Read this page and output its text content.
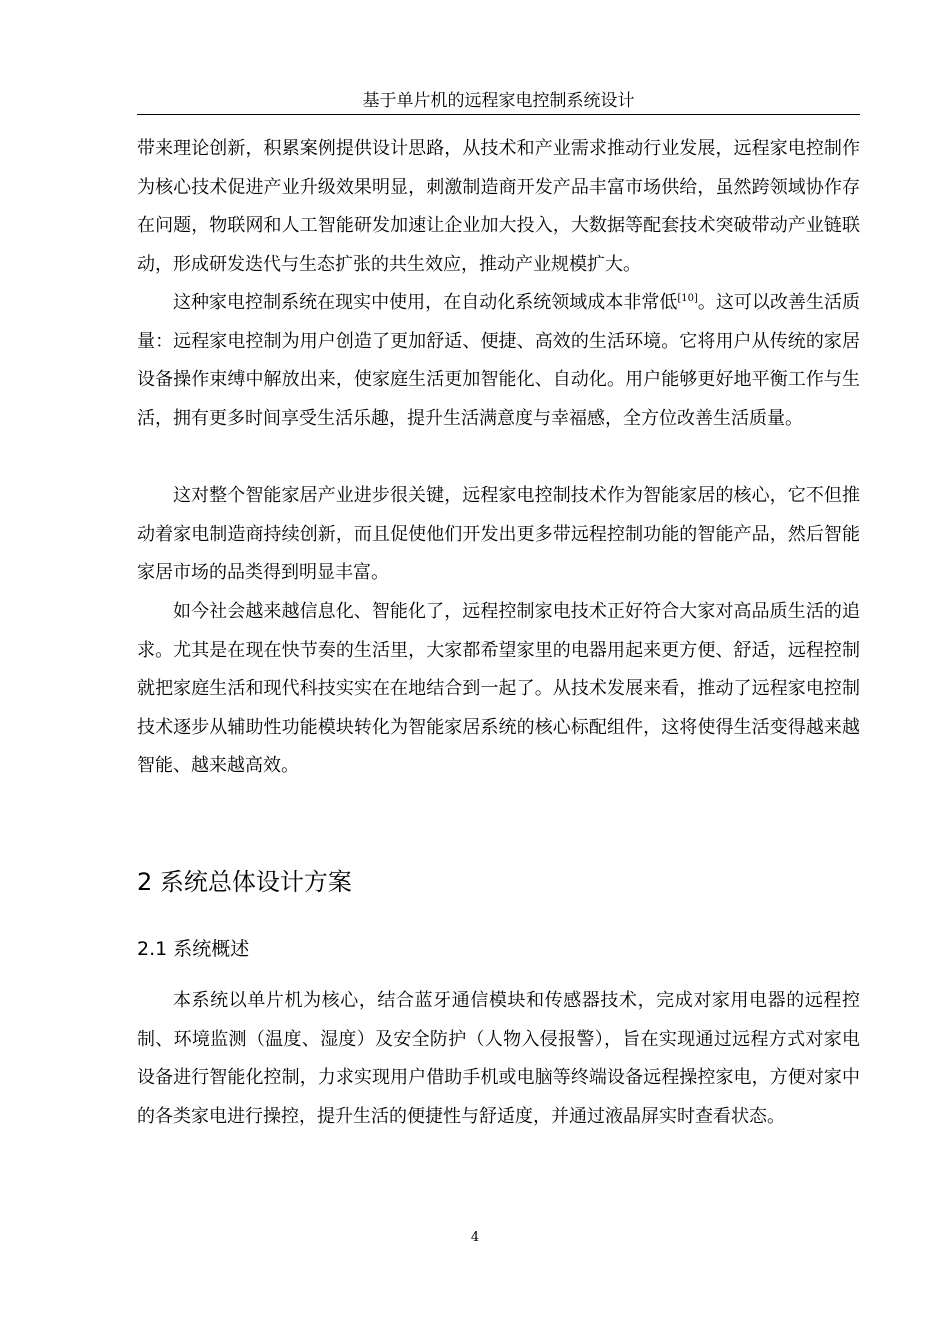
基于单片机的远程家电控制系统设计

带来理论创新，积累案例提供设计思路，从技术和产业需求推动行业发展，远程家电控制作为核心技术促进产业升级效果明显，刺激制造商开发产品丰富市场供给，虽然跨领域协作存在问题，物联网和人工智能研发加速让企业加大投入，大数据等配套技术突破带动产业链联动，形成研发迭代与生态扩张的共生效应，推动产业规模扩大。

这种家电控制系统在现实中使用，在自动化系统领域成本非常低[10]。这可以改善生活质量：远程家电控制为用户创造了更加舒适、便捷、高效的生活环境。它将用户从传统的家居设备操作束缚中解放出来，使家庭生活更加智能化、自动化。用户能够更好地平衡工作与生活，拥有更多时间享受生活乐趣，提升生活满意度与幸福感，全方位改善生活质量。

这对整个智能家居产业进步很关键，远程家电控制技术作为智能家居的核心，它不但推动着家电制造商持续创新，而且促使他们开发出更多带远程控制功能的智能产品，然后智能家居市场的品类得到明显丰富。

如今社会越来越信息化、智能化了，远程控制家电技术正好符合大家对高品质生活的追求。尤其是在现在快节奏的生活里，大家都希望家里的电器用起来更方便、舒适，远程控制就把家庭生活和现代科技实实在在地结合到一起了。从技术发展来看，推动了远程家电控制技术逐步从辅助性功能模块转化为智能家居系统的核心标配组件，这将使得生活变得越来越智能、越来越高效。

2 系统总体设计方案
2.1 系统概述

本系统以单片机为核心，结合蓝牙通信模块和传感器技术，完成对家用电器的远程控制、环境监测（温度、湿度）及安全防护（人物入侵报警），旨在实现通过远程方式对家电设备进行智能化控制，力求实现用户借助手机或电脑等终端设备远程操控家电，方便对家中的各类家电进行操控，提升生活的便捷性与舒适度，并通过液晶屏实时查看状态。

4
